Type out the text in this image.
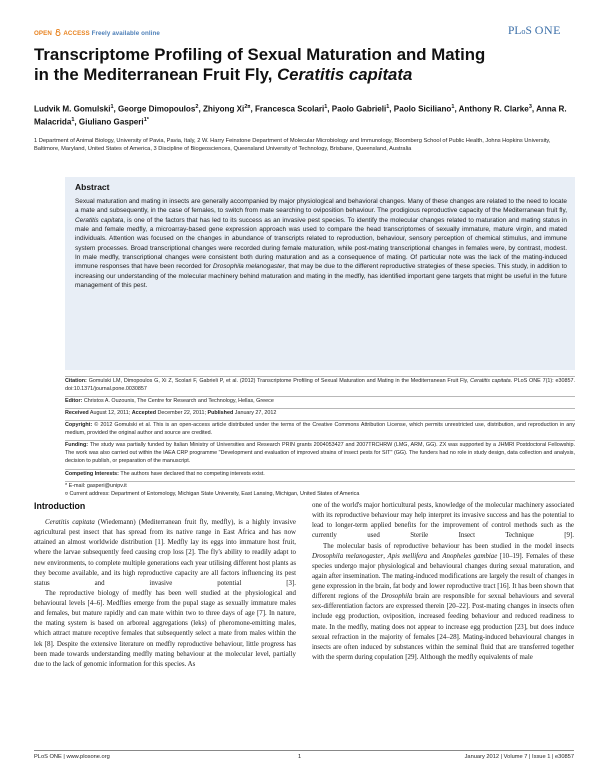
OPEN ACCESS Freely available online	PLoS ONE
Transcriptome Profiling of Sexual Maturation and Mating
in the Mediterranean Fruit Fly, Ceratitis capitata
Ludvik M. Gomulski$^1$, George Dimopoulos$^2$, Zhiyong $Xi^{2¤}$, Francesca Scolari$^1$, Paolo Gabrieli$^1$, Paolo Siciliano$^1$, Anthony R. Clarke$^3$, Anna R. Malacrida$^1$, Giuliano Gasperi$^{1*}$
1 Department of Animal Biology, University of Pavia, Pavia, Italy, 2 W. Harry Feinstone Department of Molecular Microbiology and Immunology, Bloomberg School of Public Health, Johns Hopkins University, Baltimore, Maryland, United States of America, 3 Discipline of Biogeosciences, Queensland University of Technology, Brisbane, Queensland, Australia
Abstract
Sexual maturation and mating in insects are generally accompanied by major physiological and behavioral changes. Many of these changes are related to the need to locate a mate and subsequently, in the case of females, to switch from mate searching to oviposition behaviour. The prodigious reproductive capacity of the Mediterranean fruit fly, Ceratitis capitata, is one of the factors that has led to its success as an invasive pest species. To identify the molecular changes related to maturation and mating status in male and female medfly, a microarray-based gene expression approach was used to compare the head transcriptomes of sexually immature, mature virgin, and mated individuals. Attention was focused on the changes in abundance of transcripts related to reproduction, behaviour, sensory perception of chemical stimulus, and immune system processes. Broad transcriptional changes were recorded during female maturation, while post-mating transcriptional changes in females were, by contrast, modest. In male medfly, transcriptional changes were consistent both during maturation and as a consequence of mating. Of particular note was the lack of the mating-induced immune responses that have been recorded for Drosophila melanogaster, that may be due to the different reproductive strategies of these species. This study, in addition to increasing our understanding of the molecular machinery behind maturation and mating in the medfly, has identified important gene targets that might be useful in the future management of this pest.
Citation: Gomulski LM, Dimopoulos G, Xi Z, Scolari F, Gabrieli P, et al. (2012) Transcriptome Profiling of Sexual Maturation and Mating in the Mediterranean Fruit Fly, Ceratitis capitata. PLoS ONE 7(1): e30857. doi:10.1371/journal.pone.0030857
Editor: Christos A. Ouzounis, The Centre for Research and Technology, Hellas, Greece
Received August 12, 2011; Accepted December 22, 2011; Published January 27, 2012
Copyright: © 2012 Gomulski et al. This is an open-access article distributed under the terms of the Creative Commons Attribution License, which permits unrestricted use, distribution, and reproduction in any medium, provided the original author and source are credited.
Funding: The study was partially funded by Italian Ministry of Universities and Research PRIN grants 2004053427 and 2007TRCHRW (LMG, ARM, GG). ZX was supported by a JHMRI Postdoctoral Fellowship. The work was also carried out within the IAEA CRP programme "Development and evaluation of improved strains of insect pests for SIT" (GG). The funders had no role in study design, data collection and analysis, decision to publish, or preparation of the manuscript.
Competing Interests: The authors have declared that no competing interests exist.
* E-mail: gasperi@unipv.it
¤ Current address: Department of Entomology, Michigan State University, East Lansing, Michigan, United States of America
Introduction

Ceratitis capitata (Wiedemann) (Mediterranean fruit fly, medfly), is a highly invasive agricultural pest insect that has spread from its native range in East Africa and has now attained an almost worldwide distribution [1]. Medfly lay its eggs into immature host fruit, where the larvae subsequently feed causing crop loss [2]. The fly's ability to readily adapt to new environments, to complete multiple generations each year utilising different host plants as they become available, and its high reproductive capacity are all factors influencing its pest status and invasive potential [3].

The reproductive biology of medfly has been well studied at the physiological and behavioural levels [4–6]. Medflies emerge from the pupal stage as sexually immature males and females, but mature rapidly and can mate within two to three days of age [7]. In nature, the mating system is based on arboreal aggregations (leks) of pheromone-emitting males, which attract mature receptive females that subsequently select a mate from males within the lek [8]. Despite the extensive literature on medfly reproductive behaviour, little progress has been made towards understanding medfly mating behaviour at the molecular level, partially due to the lack of genomic information for this species. As

one of the world's major horticultural pests, knowledge of the molecular machinery associated with its reproductive behaviour may help interpret its invasive success and has the potential to lead to longer-term applied benefits for the improvement of control methods such as the currently used Sterile Insect Technique [9].

The molecular basis of reproductive behaviour has been studied in the model insects Drosophila melanogaster, Apis mellifera and Anopheles gambiae [10–19]. Females of these species undergo major physiological and behavioural changes during sexual maturation, and again after insemination. The mating-induced modifications are largely the result of changes in gene expression in the brain, fat body and lower reproductive tract [16]. It has been shown that different regions of the Drosophila brain are responsible for sexual behaviours and several sex-differentiation factors are expressed therein [20–22]. Post-mating changes in insects often include egg production, oviposition, increased feeding behaviour and reduced readiness to mate. In the medfly, mating does not appear to increase egg production [23], but does induce sexual refraction in the majority of females [24–28]. Mating-induced behavioural changes in insects are often induced by substances within the seminal fluid that are transferred together with the sperm during copulation [29]. Although the medfly equivalents of male

PLoS ONE | www.plosone.org	1	January 2012 | Volume 7 | Issue 1 | e30857
